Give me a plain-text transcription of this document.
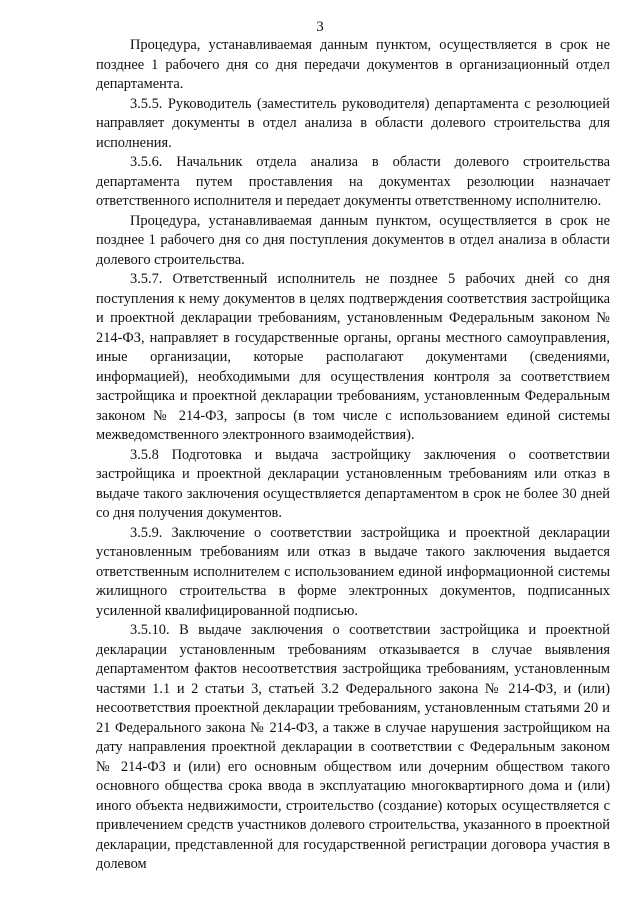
3

Процедура, устанавливаемая данным пунктом, осуществляется в срок не позднее 1 рабочего дня со дня передачи документов в организационный отдел департамента.

3.5.5. Руководитель (заместитель руководителя) департамента с резолюцией направляет документы в отдел анализа в области долевого строительства для исполнения.

3.5.6. Начальник отдела анализа в области долевого строительства департамента путем проставления на документах резолюции назначает ответственного исполнителя и передает документы ответственному исполнителю.

Процедура, устанавливаемая данным пунктом, осуществляется в срок не позднее 1 рабочего дня со дня поступления документов в отдел анализа в области долевого строительства.

3.5.7. Ответственный исполнитель не позднее 5 рабочих дней со дня поступления к нему документов в целях подтверждения соответствия застройщика и проектной декларации требованиям, установленным Федеральным законом № 214-ФЗ, направляет в государственные органы, органы местного самоуправления, иные организации, которые располагают документами (сведениями, информацией), необходимыми для осуществления контроля за соответствием застройщика и проектной декларации требованиям, установленным Федеральным законом № 214-ФЗ, запросы (в том числе с использованием единой системы межведомственного электронного взаимодействия).

3.5.8 Подготовка и выдача застройщику заключения о соответствии застройщика и проектной декларации установленным требованиям или отказ в выдаче такого заключения осуществляется департаментом в срок не более 30 дней со дня получения документов.

3.5.9. Заключение о соответствии застройщика и проектной декларации установленным требованиям или отказ в выдаче такого заключения выдается ответственным исполнителем с использованием единой информационной системы жилищного строительства в форме электронных документов, подписанных усиленной квалифицированной подписью.

3.5.10. В выдаче заключения о соответствии застройщика и проектной декларации установленным требованиям отказывается в случае выявления департаментом фактов несоответствия застройщика требованиям, установленным частями 1.1 и 2 статьи 3, статьей 3.2 Федерального закона № 214-ФЗ, и (или) несоответствия проектной декларации требованиям, установленным статьями 20 и 21 Федерального закона № 214-ФЗ, а также в случае нарушения застройщиком на дату направления проектной декларации в соответствии с Федеральным законом № 214-ФЗ и (или) его основным обществом или дочерним обществом такого основного общества срока ввода в эксплуатацию многоквартирного дома и (или) иного объекта недвижимости, строительство (создание) которых осуществляется с привлечением средств участников долевого строительства, указанного в проектной декларации, представленной для государственной регистрации договора участия в долевом
